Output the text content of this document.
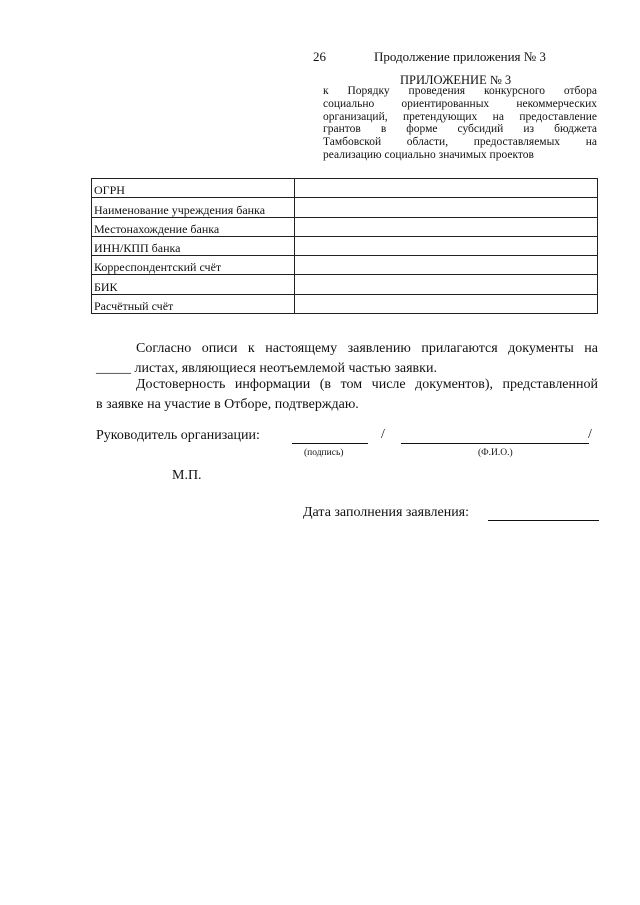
26	Продолжение приложения № 3
ПРИЛОЖЕНИЕ № 3
к Порядку проведения конкурсного отбора
социально ориентированных некоммерческих
организаций, претендующих на предоставление
грантов в форме субсидий из бюджета
Тамбовской области, предоставляемых на
реализацию социально значимых проектов
ОГРН	
Наименование учреждения банка	
Местонахождение банка	
ИНН/КПП банка	
Корреспондентский счёт	
БИК	
Расчётный счёт	
Согласно описи к настоящему заявлению прилагаются документы на
_____ листах, являющиеся неотъемлемой частью заявки.
Достоверность информации (в том числе документов), представленной
в заявке на участие в Отборе, подтверждаю.
Руководитель организации:	/	/
(подпись)	(Ф.И.О.)
М.П.
Дата заполнения заявления:
